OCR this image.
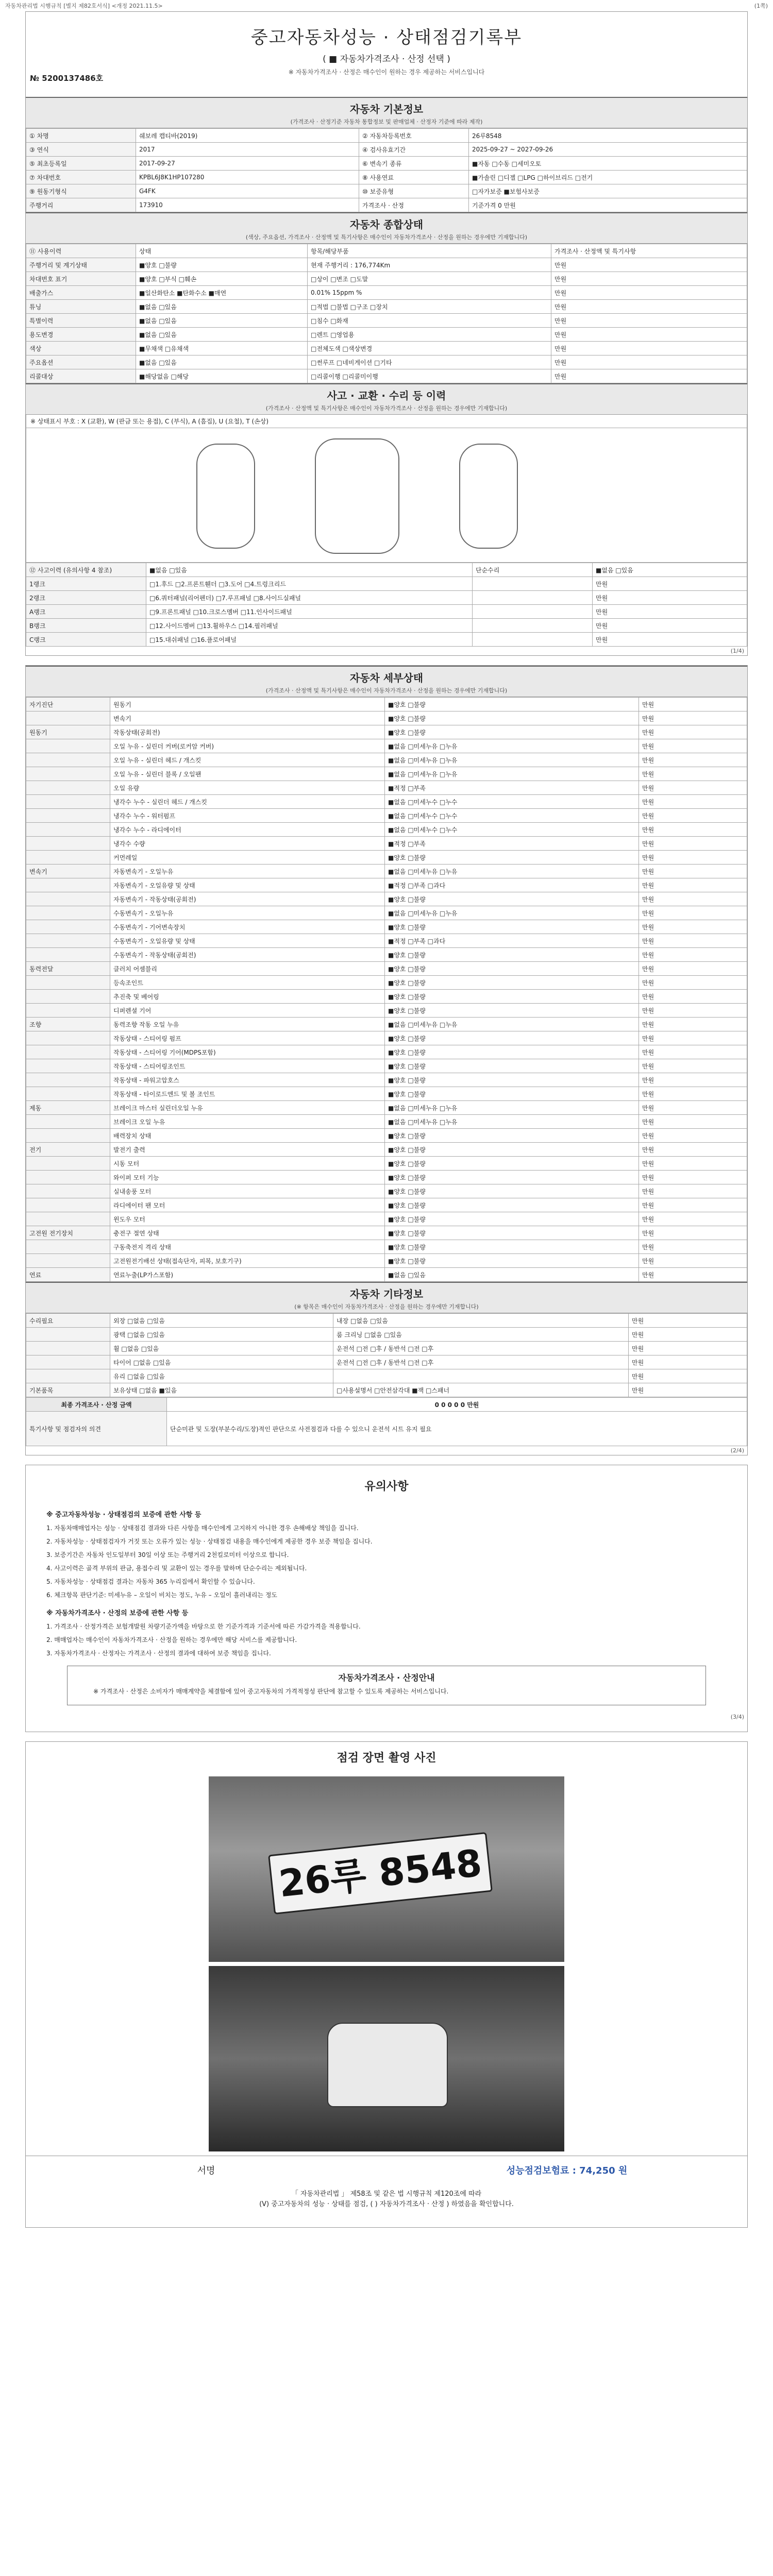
자동차관리법 시행규칙 [별지 제82호서식] <개정 2021.11.5>	(1쪽)
중고자동차성능 · 상태점검기록부
( ■ 자동차가격조사 · 산정 선택 )
※ 자동차가격조사 · 산정은 매수인이 원하는 경우 제공하는 서비스입니다
№ 5200137486호
자동차 기본정보
(가격조사 · 산정기준 자동차 통합정보 및 판매업체 · 산정자 기준에 따라 제작)
① 차명	쉐보레 캡티바(2019)	② 자동차등록번호	26루8548
③ 연식	2017	④ 검사유효기간	2025-09-27 ~ 2027-09-26
⑤ 최초등록일	2017-09-27	⑥ 변속기 종류	■자동 □수동 □세미오토
⑦ 차대번호	KPBL6J8K1HP107280	⑧ 사용연료	■가솔린 □디젤 □LPG □하이브리드 □전기
⑨ 원동기형식	G4FK	⑩ 보증유형	□자가보증 ■보험사보증
주행거리	173910	가격조사 · 산정	기준가격 0 만원
자동차 종합상태
(색상, 주요옵션, 가격조사 · 산정액 및 특기사항은 매수인이 자동차가격조사 · 산정을 원하는 경우에만 기재합니다)
⑪ 사용이력	상태	항목/해당부품	가격조사 · 산정액 및 특기사항
주행거리 및 계기상태	■양호 □불량	현재 주행거리 : 176,774Km	만원
차대번호 표기	■양호 □부식 □훼손	□상이 □변조 □도말	만원
배출가스	■일산화탄소 ■탄화수소 ■매연	0.01% 15ppm %	만원
튜닝	■없음 □있음	□적법 □불법 □구조 □장치	만원
특별이력	■없음 □있음	□침수 □화재	만원
용도변경	■없음 □있음	□렌트 □영업용	만원
색상	■무채색 □유채색	□전체도색 □색상변경	만원
주요옵션	■없음 □있음	□썬루프 □네비게이션 □기타	만원
리콜대상	■해당없음 □해당	□리콜이행 □리콜미이행	만원
사고 · 교환 · 수리 등 이력
(가격조사 · 산정액 및 특기사항은 매수인이 자동차가격조사 · 산정을 원하는 경우에만 기재합니다)
※ 상태표시 부호 : X (교환), W (판금 또는 용접), C (부식), A (흠집), U (요철), T (손상)
⑫ 사고이력 (유의사항 4 참조)	■없음 □있음	단순수리	■없음 □있음
1랭크	□1.후드 □2.프론트휀더 □3.도어 □4.트렁크리드		만원
2랭크	□6.쿼터패널(리어펜더) □7.루프패널 □8.사이드실패널		만원
A랭크	□9.프론트패널 □10.크로스멤버 □11.인사이드패널		만원
B랭크	□12.사이드멤버 □13.휠하우스 □14.필러패널		만원
C랭크	□15.대쉬패널 □16.플로어패널		만원
(1/4)
자동차 세부상태
(가격조사 · 산정액 및 특기사항은 매수인이 자동차가격조사 · 산정을 원하는 경우에만 기재합니다)
자기진단	원동기	■양호 □불량	만원
	변속기	■양호 □불량	만원
원동기	작동상태(공회전)	■양호 □불량	만원
	오일 누유 - 실린더 커버(로커암 커버)	■없음 □미세누유 □누유	만원
	오일 누유 - 실린더 헤드 / 개스킷	■없음 □미세누유 □누유	만원
	오일 누유 - 실린더 블록 / 오일팬	■없음 □미세누유 □누유	만원
	오일 유량	■적정 □부족	만원
	냉각수 누수 - 실린더 헤드 / 개스킷	■없음 □미세누수 □누수	만원
	냉각수 누수 - 워터펌프	■없음 □미세누수 □누수	만원
	냉각수 누수 - 라디에이터	■없음 □미세누수 □누수	만원
	냉각수 수량	■적정 □부족	만원
	커먼레일	■양호 □불량	만원
변속기	자동변속기 - 오일누유	■없음 □미세누유 □누유	만원
	자동변속기 - 오일유량 및 상태	■적정 □부족 □과다	만원
	자동변속기 - 작동상태(공회전)	■양호 □불량	만원
	수동변속기 - 오일누유	■없음 □미세누유 □누유	만원
	수동변속기 - 기어변속장치	■양호 □불량	만원
	수동변속기 - 오일유량 및 상태	■적정 □부족 □과다	만원
	수동변속기 - 작동상태(공회전)	■양호 □불량	만원
동력전달	클러치 어셈블리	■양호 □불량	만원
	등속조인트	■양호 □불량	만원
	추진축 및 베어링	■양호 □불량	만원
	디퍼렌셜 기어	■양호 □불량	만원
조향	동력조향 작동 오일 누유	■없음 □미세누유 □누유	만원
	작동상태 - 스티어링 펌프	■양호 □불량	만원
	작동상태 - 스티어링 기어(MDPS포함)	■양호 □불량	만원
	작동상태 - 스티어링조인트	■양호 □불량	만원
	작동상태 - 파워고압호스	■양호 □불량	만원
	작동상태 - 타이로드엔드 및 볼 조인트	■양호 □불량	만원
제동	브레이크 마스터 실린더오일 누유	■없음 □미세누유 □누유	만원
	브레이크 오일 누유	■없음 □미세누유 □누유	만원
	배력장치 상태	■양호 □불량	만원
전기	발전기 출력	■양호 □불량	만원
	시동 모터	■양호 □불량	만원
	와이퍼 모터 기능	■양호 □불량	만원
	실내송풍 모터	■양호 □불량	만원
	라디에이터 팬 모터	■양호 □불량	만원
	윈도우 모터	■양호 □불량	만원
고전원 전기장치	충전구 절연 상태	■양호 □불량	만원
	구동축전지 격리 상태	■양호 □불량	만원
	고전원전기배선 상태(접속단자, 피복, 보호기구)	■양호 □불량	만원
연료	연료누출(LP가스포함)	■없음 □있음	만원
자동차 기타정보
(※ 항목은 매수인이 자동차가격조사 · 산정을 원하는 경우에만 기재합니다)
수리필요	외장 □없음 □있음	내장 □없음 □있음	만원
	광택 □없음 □있음	룸 크리닝 □없음 □있음	만원
	휠 □없음 □있음	운전석 □전 □후 / 동반석 □전 □후	만원
	타이어 □없음 □있음	운전석 □전 □후 / 동반석 □전 □후	만원
	유리 □없음 □있음		만원
기본품목	보유상태 □없음 ■있음	□사용설명서 □안전삼각대 ■잭 □스패너	만원
최종 가격조사 · 산정 금액	0 0 0 0 0 만원
특기사항 및 점검자의 의견	단순미관 및 도장(부분수리/도장)적인 판단으로 사전점검과 다를 수 있으니 운전석 시트 유지 필요
(2/4)
유의사항
※ 중고자동차성능 · 상태점검의 보증에 관한 사항 등

1. 자동차매매업자는 성능 · 상태점검 결과와 다른 사항을 매수인에게 고지하지 아니한 경우 손해배상 책임을 집니다.

2. 자동차성능 · 상태점검자가 거짓 또는 오류가 있는 성능 · 상태점검 내용을 매수인에게 제공한 경우 보증 책임을 집니다.

3. 보증기간은 자동차 인도일부터 30일 이상 또는 주행거리 2천킬로미터 이상으로 합니다.

4. 사고이력은 골격 부위의 판금, 용접수리 및 교환이 있는 경우를 말하며 단순수리는 제외됩니다.

5. 자동차성능 · 상태점검 결과는 자동차 365 누리집에서 확인할 수 있습니다.

6. 체크항목 판단기준: 미세누유 – 오일이 비치는 정도, 누유 – 오일이 흘러내리는 정도

※ 자동차가격조사 · 산정의 보증에 관한 사항 등

1. 가격조사 · 산정가격은 보험개발원 차량기준가액을 바탕으로 한 기준가격과 기준서에 따른 가감가격을 적용합니다.

2. 매매업자는 매수인이 자동차가격조사 · 산정을 원하는 경우에만 해당 서비스를 제공합니다.

3. 자동차가격조사 · 산정자는 가격조사 · 산정의 결과에 대하여 보증 책임을 집니다.

자동차가격조사 · 산정안내

※ 가격조사 · 산정은 소비자가 매매계약을 체결함에 있어 중고자동차의 가격적정성 판단에 참고할 수 있도록 제공하는 서비스입니다.

(3/4)
점검 장면 촬영 사진
26루 8548
서명	성능점검보험료 : 74,250 원
「 자동차관리법 」 제58조 및 같은 법 시행규칙 제120조에 따라
(V) 중고자동차의 성능 · 상태를 점검, ( ) 자동차가격조사 · 산정 ) 하였음을 확인합니다.
